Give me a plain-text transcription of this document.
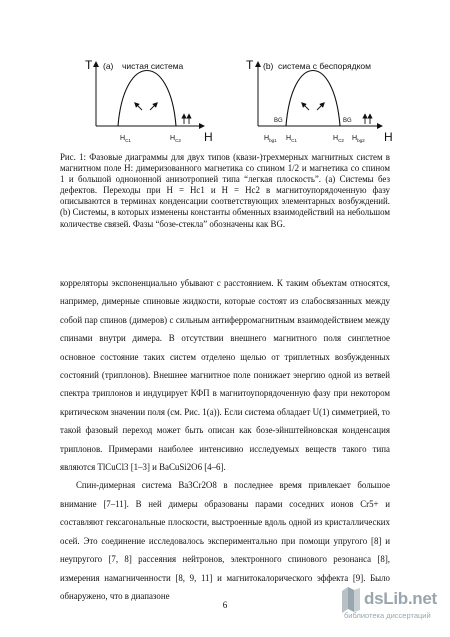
T
H
(a) чистая система
$H_{C1}$	$H_{C2}$
T
H
(b) система с беспорядком
BG	BG
$H_{bg1}$ $H_{C1}$	$H_{C2}$ $H_{bg2}$
Рис. 1: Фазовые диаграммы для двух типов (квази-)трехмерных магнитных систем в магнитном поле H: димеризованного магнетика со спином 1/2 и магнетика со спином 1 и большой одноионной анизотропией типа “легкая плоскость”. (a) Системы без дефектов. Переходы при H = Hc1 и H = Hc2 в магнитоупорядоченную фазу описываются в терминах конденсации соответствующих элементарных возбуждений. (b) Системы, в которых изменены константы обменных взаимодействий на небольшом количестве связей. Фазы “бозе-стекла” обозначены как BG.

корреляторы экспоненциально убывают с расстоянием. К таким объектам относятся, например, димерные спиновые жидкости, которые состоят из слабосвязанных между собой пар спинов (димеров) с сильным антиферромагнитным взаимодействием между спинами внутри димера. В отсутствии внешнего магнитного поля синглетное основное состояние таких систем отделено щелью от триплетных возбужденных состояний (триплонов). Внешнее магнитное поле понижает энергию одной из ветвей спектра триплонов и индуцирует КФП в магнитоупорядоченную фазу при некотором критическом значении поля (см. Рис. 1(a)). Если система обладает U(1) симметрией, то такой фазовый переход может быть описан как бозе-эйнштейновская конденсация триплонов. Примерами наиболее интенсивно исследуемых веществ такого типа являются TlCuCl3 [1–3] и BaCuSi2O6 [4–6].

Спин-димерная система Ba3Cr2O8 в последнее время привлекает большое внимание [7–11]. В ней димеры образованы парами соседних ионов Cr5+ и составляют гексагональные плоскости, выстроенные вдоль одной из кристаллических осей. Это соединение исследовалось экспериментально при помощи упругого [8] и неупругого [7, 8] рассеяния нейтронов, электронного спинового резонанса [8], измерения намагниченности [8, 9, 11] и магнитокалорического эффекта [9]. Было обнаружено, что в диапазоне

6	dsLib.net
библиотека диссертаций
